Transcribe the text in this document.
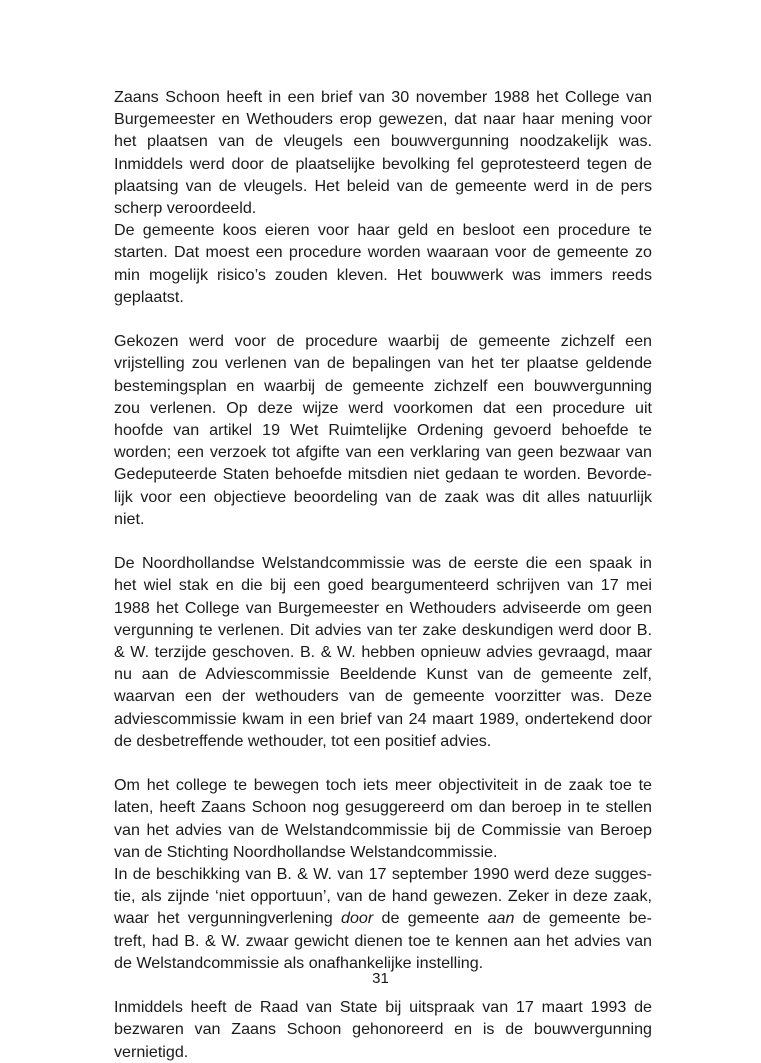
Zaans Schoon heeft in een brief van 30 november 1988 het College van
Burgemeester en Wethouders erop gewezen, dat naar haar mening voor
het plaatsen van de vleugels een bouwvergunning noodzakelijk was.
Inmiddels werd door de plaatselijke bevolking fel geprotesteerd tegen de
plaatsing van de vleugels. Het beleid van de gemeente werd in de pers
scherp veroordeeld.

De gemeente koos eieren voor haar geld en besloot een procedure te
starten. Dat moest een procedure worden waaraan voor de gemeente zo
min mogelijk risico’s zouden kleven. Het bouwwerk was immers reeds
geplaatst.

Gekozen werd voor de procedure waarbij de gemeente zichzelf een
vrijstelling zou verlenen van de bepalingen van het ter plaatse geldende
bestemingsplan en waarbij de gemeente zichzelf een bouwvergunning
zou verlenen. Op deze wijze werd voorkomen dat een procedure uit
hoofde van artikel 19 Wet Ruimtelijke Ordening gevoerd behoefde te
worden; een verzoek tot afgifte van een verklaring van geen bezwaar van
Gedeputeerde Staten behoefde mitsdien niet gedaan te worden. Bevorde-
lijk voor een objectieve beoordeling van de zaak was dit alles natuurlijk
niet.

De Noordhollandse Welstandcommissie was de eerste die een spaak in
het wiel stak en die bij een goed beargumenteerd schrijven van 17 mei
1988 het College van Burgemeester en Wethouders adviseerde om geen
vergunning te verlenen. Dit advies van ter zake deskundigen werd door B.
& W. terzijde geschoven. B. & W. hebben opnieuw advies gevraagd, maar
nu aan de Adviescommissie Beeldende Kunst van de gemeente zelf,
waarvan een der wethouders van de gemeente voorzitter was. Deze
adviescommissie kwam in een brief van 24 maart 1989, ondertekend door
de desbetreffende wethouder, tot een positief advies.

Om het college te bewegen toch iets meer objectiviteit in de zaak toe te
laten, heeft Zaans Schoon nog gesuggereerd om dan beroep in te stellen
van het advies van de Welstandcommissie bij de Commissie van Beroep
van de Stichting Noordhollandse Welstandcommissie.

In de beschikking van B. & W. van 17 september 1990 werd deze sugges-
tie, als zijnde ‘niet opportuun’, van de hand gewezen. Zeker in deze zaak,
waar het vergunningverlening door de gemeente aan de gemeente be-
treft, had B. & W. zwaar gewicht dienen toe te kennen aan het advies van
de Welstandcommissie als onafhankelijke instelling.

Inmiddels heeft de Raad van State bij uitspraak van 17 maart 1993 de
bezwaren van Zaans Schoon gehonoreerd en is de bouwvergunning
vernietigd.

31
